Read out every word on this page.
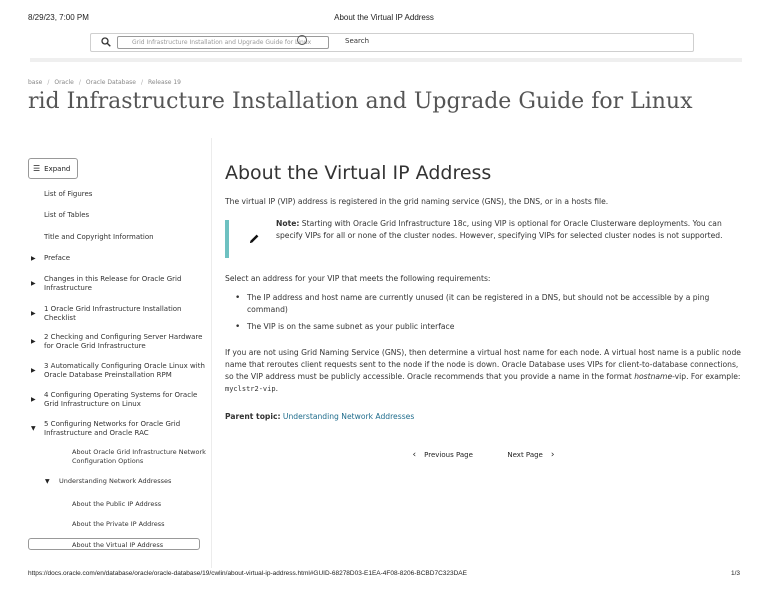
8/29/23, 7:00 PM	About the Virtual IP Address
Grid Infrastructure Installation and Upgrade Guide for Linux	Search
base / Oracle / Oracle Database / Release 19
rid Infrastructure Installation and Upgrade Guide for Linux
☰ Expand
List of Figures
List of Tables
Title and Copyright Information
▶	Preface
▶
Changes in this Release for Oracle Grid Infrastructure
▶
1 Oracle Grid Infrastructure Installation Checklist
▶
2 Checking and Configuring Server Hardware for Oracle Grid Infrastructure
▶
3 Automatically Configuring Oracle Linux with Oracle Database Preinstallation RPM
▶
4 Configuring Operating Systems for Oracle Grid Infrastructure on Linux
▼
5 Configuring Networks for Oracle Grid Infrastructure and Oracle RAC
About Oracle Grid Infrastructure Network Configuration Options
▼	Understanding Network Addresses
About the Public IP Address
About the Private IP Address
About the Virtual IP Address
About the Virtual IP Address

The virtual IP (VIP) address is registered in the grid naming service (GNS), the DNS, or in a hosts file.

Note: Starting with Oracle Grid Infrastructure 18c, using VIP is optional for Oracle Clusterware deployments. You can specify VIPs for all or none of the cluster nodes. However, specifying VIPs for selected cluster nodes is not supported.

Select an address for your VIP that meets the following requirements:

• The IP address and host name are currently unused (it can be registered in a DNS, but should not be accessible by a ping command)
• The VIP is on the same subnet as your public interface

If you are not using Grid Naming Service (GNS), then determine a virtual host name for each node. A virtual host name is a public node name that reroutes client requests sent to the node if the node is down. Oracle Database uses VIPs for client-to-database connections, so the VIP address must be publicly accessible. Oracle recommends that you provide a name in the format hostname-vip. For example: myclstr2-vip.

Parent topic: Understanding Network Addresses

‹ Previous Page	Next Page ›
https://docs.oracle.com/en/database/oracle/oracle-database/19/cwlin/about-virtual-ip-address.html#GUID-68278D03-E1EA-4F08-8206-BCBD7C323DAE	1/3
